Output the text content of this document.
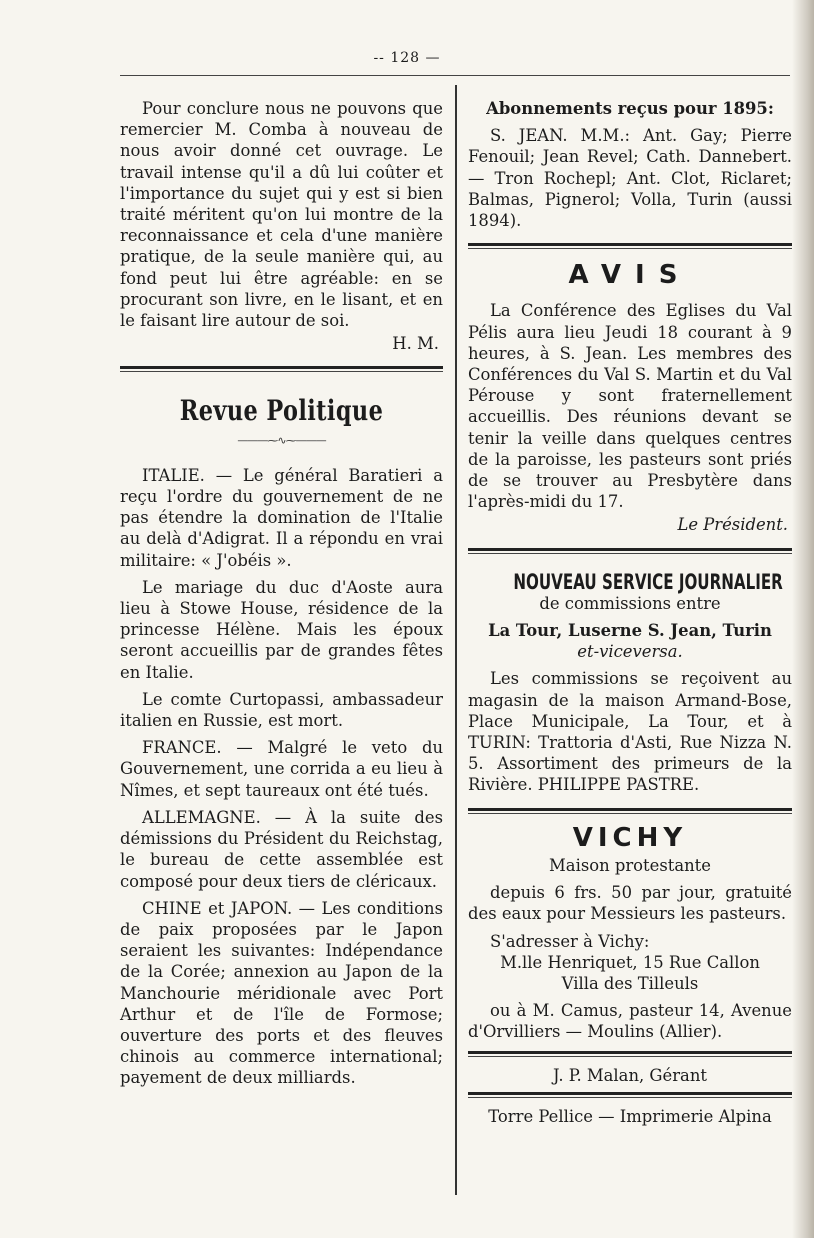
-- 128 —

Pour conclure nous ne pouvons que remercier M. Comba à nouveau de nous avoir donné cet ouvrage. Le travail intense qu'il a dû lui coûter et l'importance du sujet qui y est si bien traité méritent qu'on lui montre de la reconnaissance et cela d'une manière pratique, de la seule manière qui, au fond peut lui être agréable: en se procurant son livre, en le lisant, et en le faisant lire autour de soi.

H. M.
Revue Politique
———⁓∿⁓———

ITALIE. — Le général Baratieri a reçu l'ordre du gouvernement de ne pas étendre la domination de l'Italie au delà d'Adigrat. Il a répondu en vrai militaire: « J'obéis ».

Le mariage du duc d'Aoste aura lieu à Stowe House, résidence de la princesse Hélène. Mais les époux seront accueillis par de grandes fêtes en Italie.

Le comte Curtopassi, ambassadeur italien en Russie, est mort.

FRANCE. — Malgré le veto du Gouvernement, une corrida a eu lieu à Nîmes, et sept taureaux ont été tués.

ALLEMAGNE. — À la suite des démissions du Président du Reichstag, le bureau de cette assemblée est composé pour deux tiers de cléricaux.

CHINE et JAPON. — Les conditions de paix proposées par le Japon seraient les suivantes: Indépendance de la Corée; annexion au Japon de la Manchourie méridionale avec Port Arthur et de l'île de Formose; ouverture des ports et des fleuves chinois au commerce international; payement de deux milliards.

Abonnements reçus pour 1895:

S. JEAN. M.M.: Ant. Gay; Pierre Fenouil; Jean Revel; Cath. Dannebert. — Tron Rochepl; Ant. Clot, Riclaret; Balmas, Pignerol; Volla, Turin (aussi 1894).

AVIS

La Conférence des Eglises du Val Pélis aura lieu Jeudi 18 courant à 9 heures, à S. Jean. Les membres des Conférences du Val S. Martin et du Val Pérouse y sont fraternellement accueillis. Des réunions devant se tenir la veille dans quelques centres de la paroisse, les pasteurs sont priés de se trouver au Presbytère dans l'après-midi du 17.

Le Président.
NOUVEAU SERVICE JOURNALIER

de commissions entre

La Tour, Luserne S. Jean, Turin

et-viceversa.

Les commissions se reçoivent au magasin de la maison Armand-Bose, Place Municipale, La Tour, et à TURIN: Trattoria d'Asti, Rue Nizza N. 5. Assortiment des primeurs de la Rivière. PHILIPPE PASTRE.

VICHY

Maison protestante

depuis 6 frs. 50 par jour, gratuité des eaux pour Messieurs les pasteurs.

S'adresser à Vichy:

M.lle Henriquet, 15 Rue Callon

Villa des Tilleuls

ou à M. Camus, pasteur 14, Avenue d'Orvilliers — Moulins (Allier).

J. P. Malan, Gérant
Torre Pellice — Imprimerie Alpina
